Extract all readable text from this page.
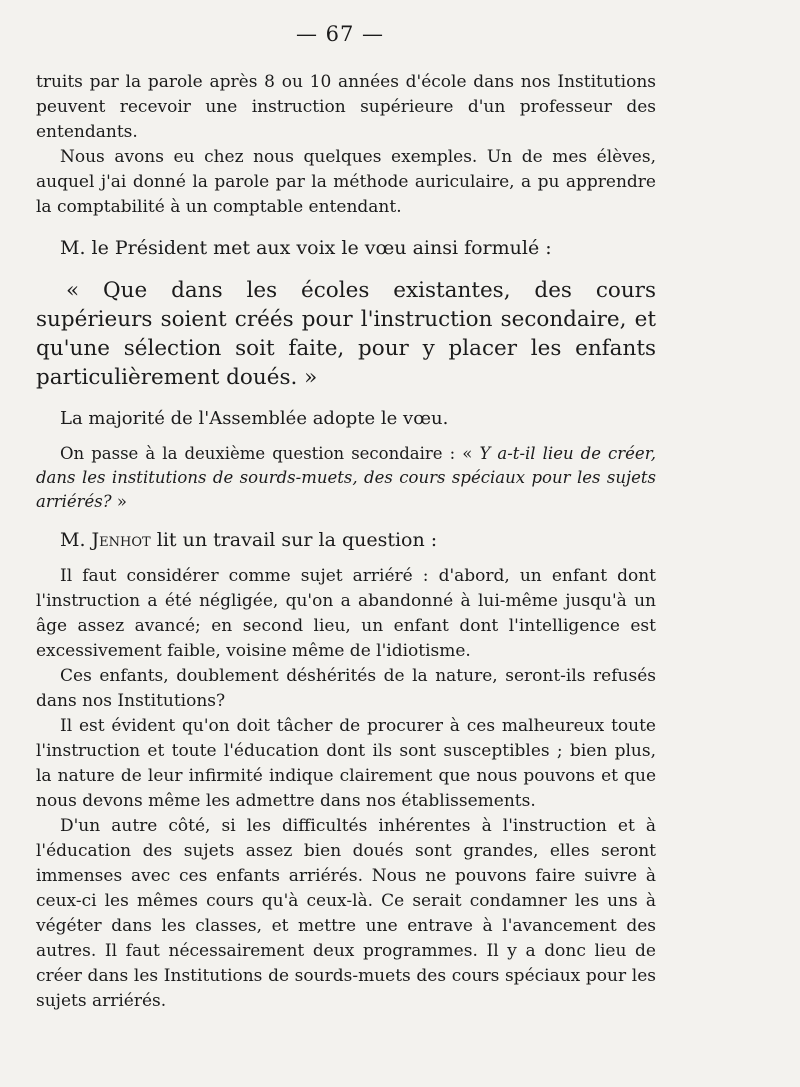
— 67 —

truits par la parole après 8 ou 10 années d'école dans nos Institutions peuvent recevoir une instruction supérieure d'un professeur des entendants.

Nous avons eu chez nous quelques exemples. Un de mes élèves, auquel j'ai donné la parole par la méthode auriculaire, a pu apprendre la comptabilité à un comptable entendant.

M. le Président met aux voix le vœu ainsi formulé :

« Que dans les écoles existantes, des cours supérieurs soient créés pour l'instruction secondaire, et qu'une sélection soit faite, pour y placer les enfants particulièrement doués. »

La majorité de l'Assemblée adopte le vœu.

On passe à la deuxième question secondaire : « Y a-t-il lieu de créer, dans les institutions de sourds-muets, des cours spéciaux pour les sujets arriérés? »

M. Jenhot lit un travail sur la question :

Il faut considérer comme sujet arriéré : d'abord, un enfant dont l'instruction a été négligée, qu'on a abandonné à lui-même jusqu'à un âge assez avancé; en second lieu, un enfant dont l'intelligence est excessivement faible, voisine même de l'idiotisme.

Ces enfants, doublement déshérités de la nature, seront-ils refusés dans nos Institutions?

Il est évident qu'on doit tâcher de procurer à ces malheureux toute l'instruction et toute l'éducation dont ils sont susceptibles ; bien plus, la nature de leur infirmité indique clairement que nous pouvons et que nous devons même les admettre dans nos établissements.

D'un autre côté, si les difficultés inhérentes à l'instruction et à l'éducation des sujets assez bien doués sont grandes, elles seront immenses avec ces enfants arriérés. Nous ne pouvons faire suivre à ceux-ci les mêmes cours qu'à ceux-là. Ce serait condamner les uns à végéter dans les classes, et mettre une entrave à l'avancement des autres. Il faut nécessairement deux programmes. Il y a donc lieu de créer dans les Institutions de sourds-muets des cours spéciaux pour les sujets arriérés.
